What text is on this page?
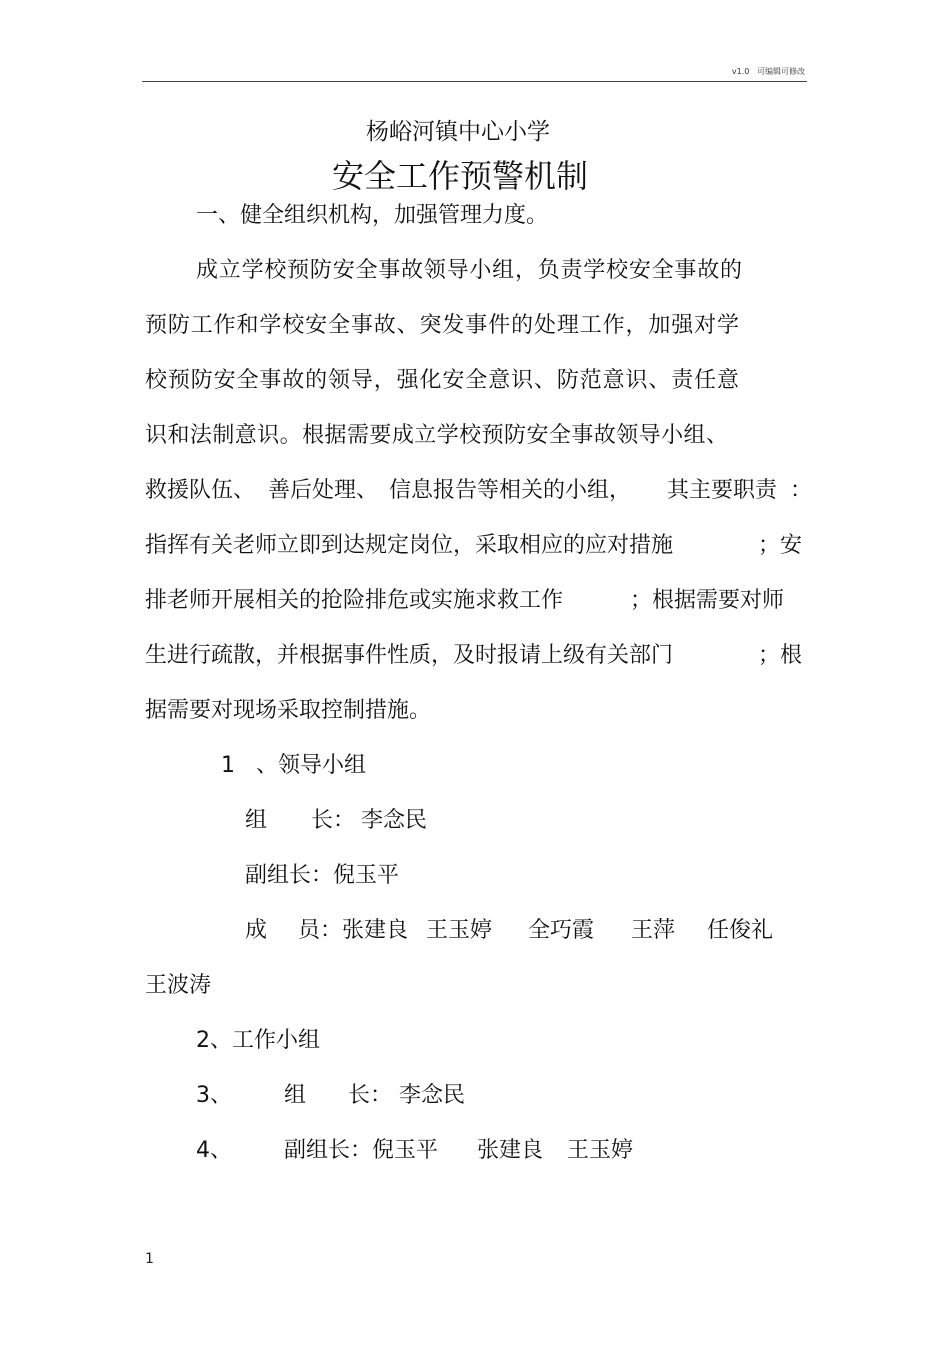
v1.0 可编辑可修改
杨峪河镇中心小学
安全工作预警机制
一、健全组织机构，加强管理力度。
成立学校预防安全事故领导小组，负责学校安全事故的
预防工作和学校安全事故、突发事件的处理工作，加强对学
校预防安全事故的领导，强化安全意识、防范意识、责任意
识和法制意识。根据需要成立学校预防安全事故领导小组、
救援队伍、 善后处理、 信息报告等相关的小组， 其主要职责 ：
指挥有关老师立即到达规定岗位，采取相应的应对措施	；安
排老师开展相关的抢险排危或实施求救工作	；根据需要对师
生进行疏散，并根据事件性质，及时报请上级有关部门	；根
据需要对现场采取控制措施。
1 、领导小组
组 长： 李念民
副组长：倪玉平
成 员：张建良 王玉婷 全巧霞 王萍 任俊礼
王波涛
2、工作小组
3、 组 长： 李念民
4、 副组长：倪玉平 张建良 王玉婷
1
